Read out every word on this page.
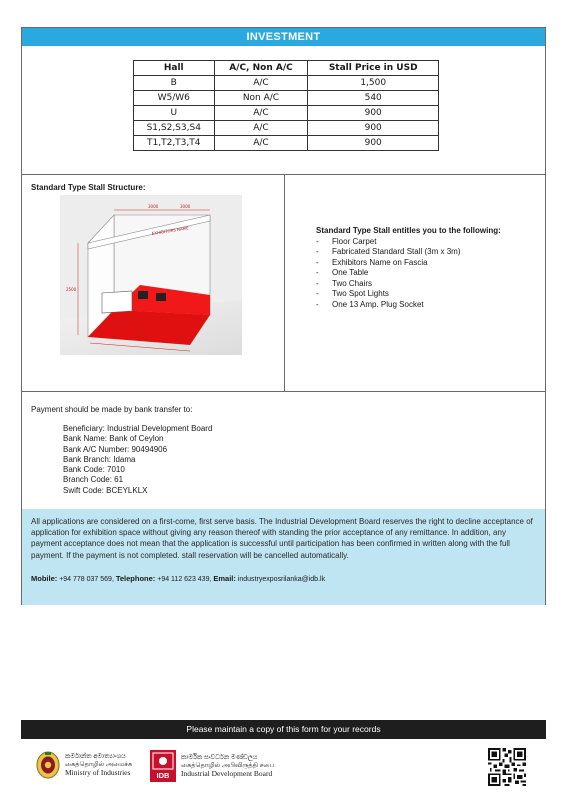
INVESTMENT
Hall	A/C, Non A/C	Stall Price in USD
B	A/C	1,500
W5/W6	Non A/C	540
U	A/C	900
S1,S2,S3,S4	A/C	900
T1,T2,T3,T4	A/C	900
Standard Type Stall Structure:
EXHIBITORS NAME
3000	3000
2500
1000
500
Standard Type Stall entitles you to the following:
-	Floor Carpet
-	Fabricated Standard Stall (3m x 3m)
-	Exhibitors Name on Fascia
-	One Table
-	Two Chairs
-	Two Spot Lights
-	One 13 Amp. Plug Socket
Payment should be made by bank transfer to:
Beneficiary: Industrial Development Board
Bank Name: Bank of Ceylon
Bank A/C Number: 90494906
Bank Branch: Idama
Bank Code: 7010
Branch Code: 61
Swift Code: BCEYLKLX
All applications are considered on a first-come, first serve basis. The Industrial Development Board reserves the right to decline acceptance of application for exhibition space without giving any reason thereof with standing the prior acceptance of any remittance. In addition, any payment acceptance does not mean that the application is successful until participation has been confirmed in written along with the full payment. If the payment is not completed. stall reservation will be cancelled automatically.
Mobile: +94 778 037 569, Telephone: +94 112 623 439, Email: industryexposrilanka@idb.lk
Please maintain a copy of this form for your records
කර්මාන්ත අමාත්‍යාංශය
கைத்தொழில் அமைச்சு
Ministry of Industries	IDB
කාර්මික සංවර්ධන මණ්ඩලය
கைத்தொழில் அபிவிருத்தி சபை
Industrial Development Board
